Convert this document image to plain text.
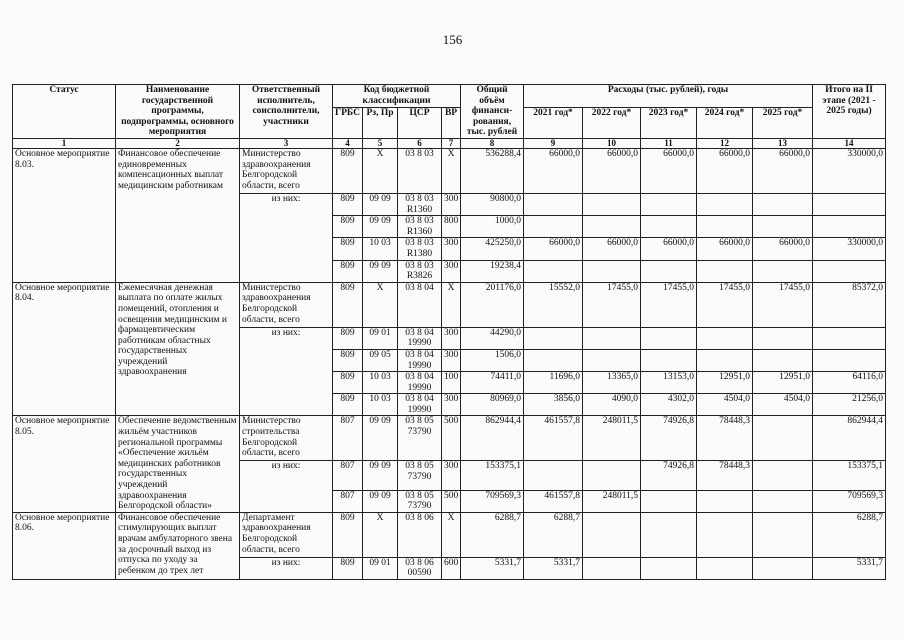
156
Статус	Наименование государственной программы, подпрограммы, основного мероприятия	Ответственный исполнитель, соисполнители, участники	Код бюджетной классификации				Общий объём финанси-рования, тыс. рублей	Расходы (тыс. рублей), годы					Итого на II этапе (2021 - 2025 годы)
			ГРБС	Рз, Пр	ЦСР	ВР		2021 год*	2022 год*	2023 год*	2024 год*	2025 год*	
1	2	3	4	5	6	7	8	9	10	11	12	13	14
Основное мероприятие 8.03.	Финансовое обеспечение единовременных компенсационных выплат медицинским работникам	Министерство здравоохранения Белгородской области, всего	809	X	03 8 03	X	536288,4	66000,0	66000,0	66000,0	66000,0	66000,0	330000,0
		из них:	809	09 09	03 8 03 R1360	300	90800,0						
			809	09 09	03 8 03 R1360	800	1000,0						
			809	10 03	03 8 03 R1380	300	425250,0	66000,0	66000,0	66000,0	66000,0	66000,0	330000,0
			809	09 09	03 8 03 R3826	300	19238,4						
Основное мероприятие 8.04.	Ежемесячная денежная выплата по оплате жилых помещений, отопления и освещения медицинским и фармацевтическим работникам областных государственных учреждений здравоохранения	Министерство здравоохранения Белгородской области, всего	809	X	03 8 04	X	201176,0	15552,0	17455,0	17455,0	17455,0	17455,0	85372,0
		из них:	809	09 01	03 8 04 19990	300	44290,0						
			809	09 05	03 8 04 19990	300	1506,0						
			809	10 03	03 8 04 19990	100	74411,0	11696,0	13365,0	13153,0	12951,0	12951,0	64116,0
			809	10 03	03 8 04 19990	300	80969,0	3856,0	4090,0	4302,0	4504,0	4504,0	21256,0
Основное мероприятие 8.05.	Обеспечение ведомственным жильём участников региональной программы «Обеспечение жильём медицинских работников государственных учреждений здравоохранения Белгородской области»	Министерство строительства Белгородской области, всего	807	09 09	03 8 05 73790	500	862944,4	461557,8	248011,5	74926,8	78448,3		862944,4
		из них:	807	09 09	03 8 05 73790	300	153375,1			74926,8	78448,3		153375,1
			807	09 09	03 8 05 73790	500	709569,3	461557,8	248011,5				709569,3
Основное мероприятие 8.06.	Финансовое обеспечение стимулирующих выплат врачам амбулаторного звена за досрочный выход из отпуска по уходу за ребенком до трех лет	Департамент здравоохранения Белгородской области, всего	809	X	03 8 06	X	6288,7	6288,7					6288,7
		из них:	809	09 01	03 8 06 00590	600	5331,7	5331,7					5331,7
